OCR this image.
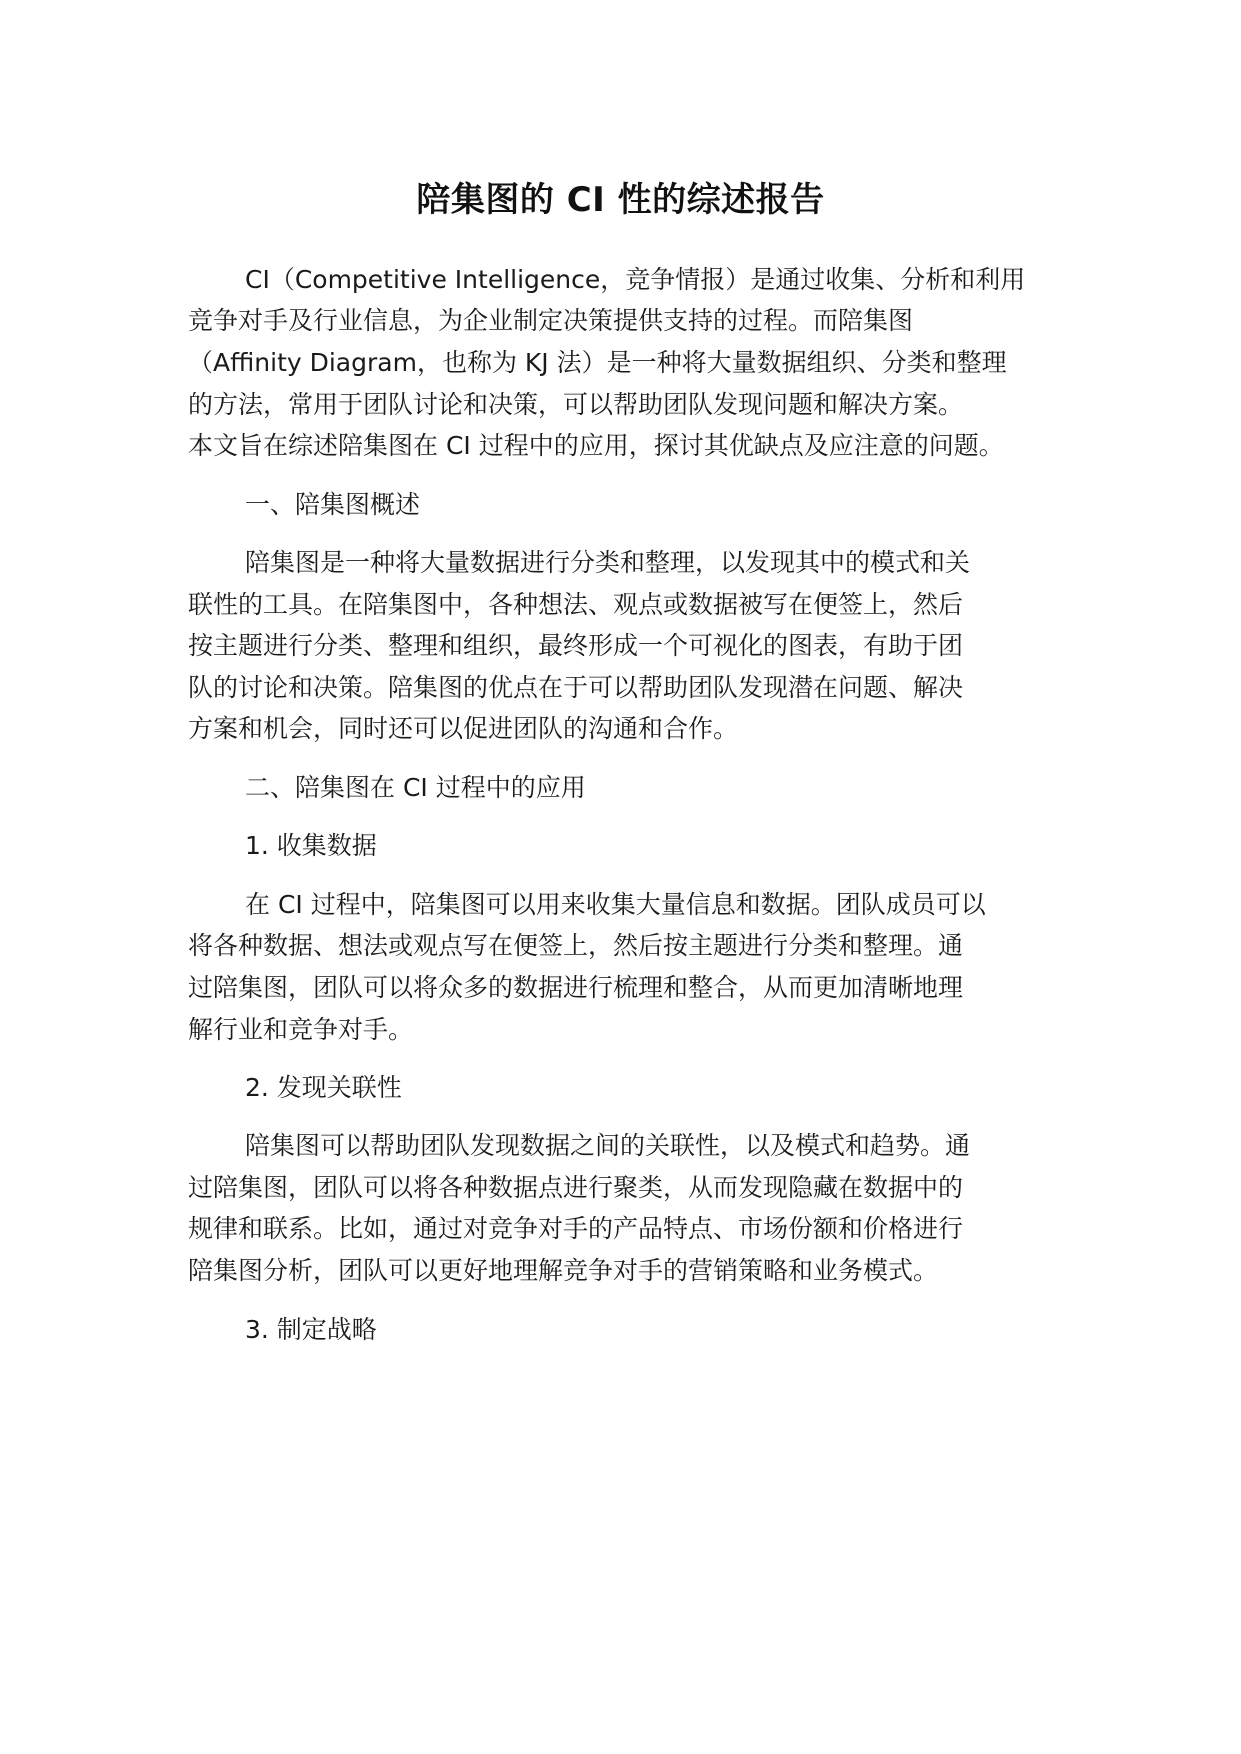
陪集图的 CI 性的综述报告
CI（Competitive Intelligence，竞争情报）是通过收集、分析和利用
竞争对手及行业信息，为企业制定决策提供支持的过程。而陪集图
（Affinity Diagram，也称为 KJ 法）是一种将大量数据组织、分类和整理
的方法，常用于团队讨论和决策，可以帮助团队发现问题和解决方案。
本文旨在综述陪集图在 CI 过程中的应用，探讨其优缺点及应注意的问题。
一、陪集图概述
陪集图是一种将大量数据进行分类和整理，以发现其中的模式和关
联性的工具。在陪集图中，各种想法、观点或数据被写在便签上，然后
按主题进行分类、整理和组织，最终形成一个可视化的图表，有助于团
队的讨论和决策。陪集图的优点在于可以帮助团队发现潜在问题、解决
方案和机会，同时还可以促进团队的沟通和合作。
二、陪集图在 CI 过程中的应用
1. 收集数据
在 CI 过程中，陪集图可以用来收集大量信息和数据。团队成员可以
将各种数据、想法或观点写在便签上，然后按主题进行分类和整理。通
过陪集图，团队可以将众多的数据进行梳理和整合，从而更加清晰地理
解行业和竞争对手。
2. 发现关联性
陪集图可以帮助团队发现数据之间的关联性，以及模式和趋势。通
过陪集图，团队可以将各种数据点进行聚类，从而发现隐藏在数据中的
规律和联系。比如，通过对竞争对手的产品特点、市场份额和价格进行
陪集图分析，团队可以更好地理解竞争对手的营销策略和业务模式。
3. 制定战略
